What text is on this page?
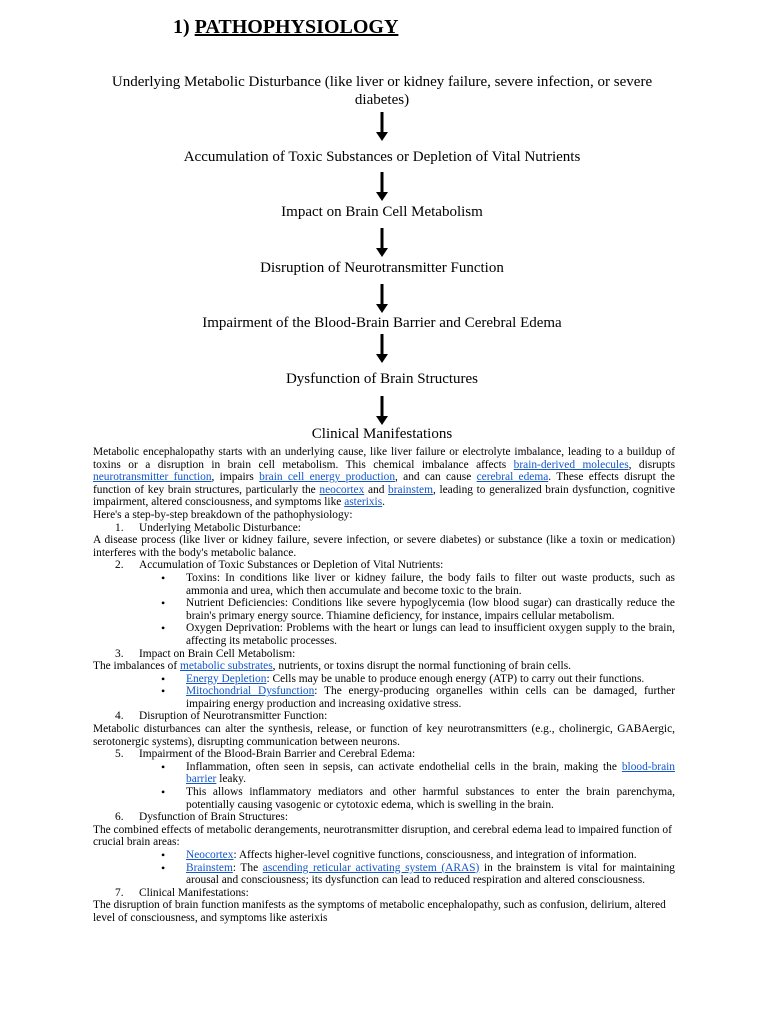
1) PATHOPHYSIOLOGY
Underlying Metabolic Disturbance (like liver or kidney failure, severe infection, or severe diabetes)
Accumulation of Toxic Substances or Depletion of Vital Nutrients
Impact on Brain Cell Metabolism
Disruption of Neurotransmitter Function
Impairment of the Blood-Brain Barrier and Cerebral Edema
Dysfunction of Brain Structures
Clinical Manifestations

Metabolic encephalopathy starts with an underlying cause, like liver failure or electrolyte imbalance, leading to a buildup of toxins or a disruption in brain cell metabolism. This chemical imbalance affects brain-derived molecules, disrupts neurotransmitter function, impairs brain cell energy production, and can cause cerebral edema. These effects disrupt the function of key brain structures, particularly the neocortex and brainstem, leading to generalized brain dysfunction, cognitive impairment, altered consciousness, and symptoms like asterixis.

Here's a step-by-step breakdown of the pathophysiology:

1. Underlying Metabolic Disturbance:

A disease process (like liver or kidney failure, severe infection, or severe diabetes) or substance (like a toxin or medication) interferes with the body's metabolic balance.

2. Accumulation of Toxic Substances or Depletion of Vital Nutrients:

• Toxins: In conditions like liver or kidney failure, the body fails to filter out waste products, such as ammonia and urea, which then accumulate and become toxic to the brain.
• Nutrient Deficiencies: Conditions like severe hypoglycemia (low blood sugar) can drastically reduce the brain's primary energy source. Thiamine deficiency, for instance, impairs cellular metabolism.
• Oxygen Deprivation: Problems with the heart or lungs can lead to insufficient oxygen supply to the brain, affecting its metabolic processes.

3. Impact on Brain Cell Metabolism:

The imbalances of metabolic substrates, nutrients, or toxins disrupt the normal functioning of brain cells.

• Energy Depletion: Cells may be unable to produce enough energy (ATP) to carry out their functions.
• Mitochondrial Dysfunction: The energy-producing organelles within cells can be damaged, further impairing energy production and increasing oxidative stress.

4. Disruption of Neurotransmitter Function:

Metabolic disturbances can alter the synthesis, release, or function of key neurotransmitters (e.g., cholinergic, GABAergic, serotonergic systems), disrupting communication between neurons.

5. Impairment of the Blood-Brain Barrier and Cerebral Edema:

• Inflammation, often seen in sepsis, can activate endothelial cells in the brain, making the blood-brain barrier leaky.
• This allows inflammatory mediators and other harmful substances to enter the brain parenchyma, potentially causing vasogenic or cytotoxic edema, which is swelling in the brain.

6. Dysfunction of Brain Structures:

The combined effects of metabolic derangements, neurotransmitter disruption, and cerebral edema lead to impaired function of crucial brain areas:

• Neocortex: Affects higher-level cognitive functions, consciousness, and integration of information.
• Brainstem: The ascending reticular activating system (ARAS) in the brainstem is vital for maintaining arousal and consciousness; its dysfunction can lead to reduced respiration and altered consciousness.

7. Clinical Manifestations:

The disruption of brain function manifests as the symptoms of metabolic encephalopathy, such as confusion, delirium, altered level of consciousness, and symptoms like asterixis
